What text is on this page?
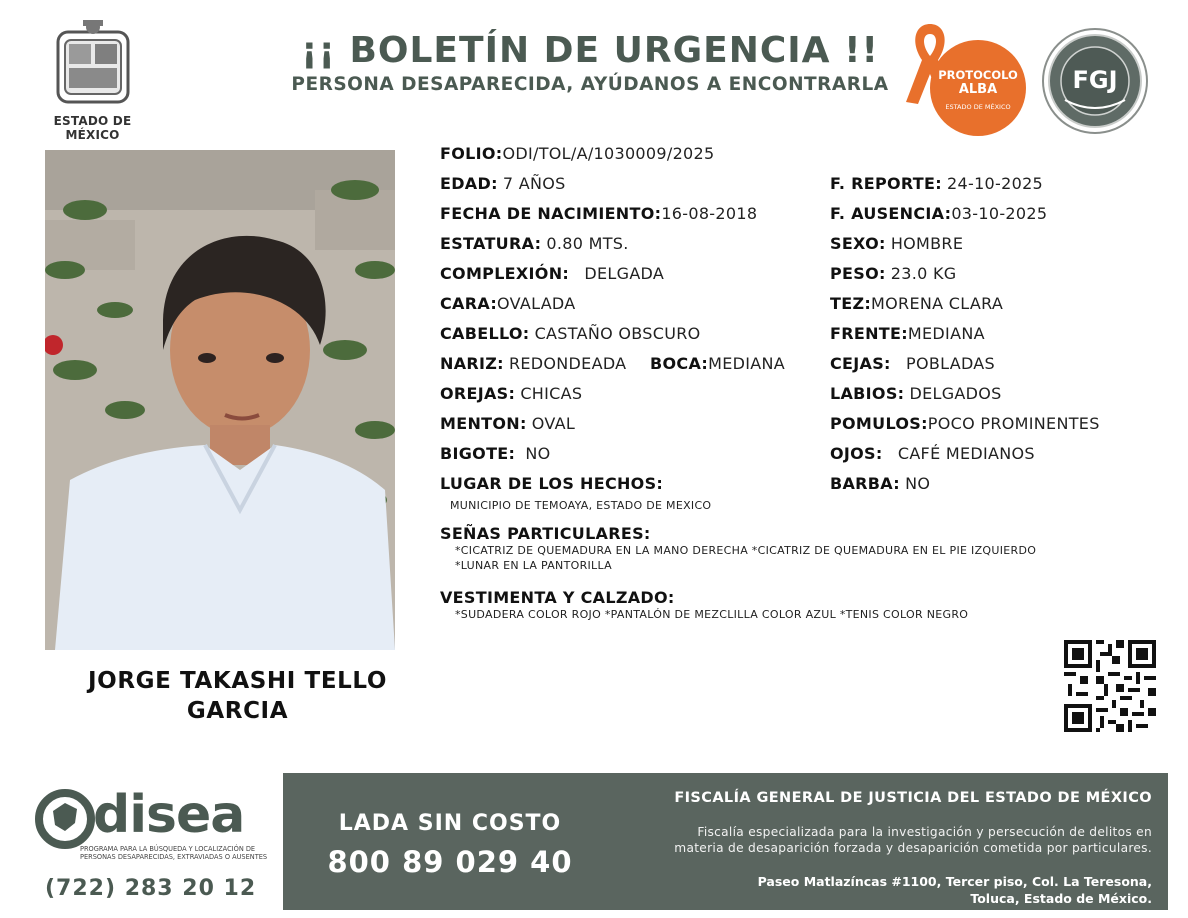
ESTADO DE MÉXICO
¡¡ BOLETÍN DE URGENCIA !!
PERSONA DESAPARECIDA, AYÚDANOS A ENCONTRARLA	PROTOCOLO
ALBA
ESTADO DE MÉXICO
FGJ
JORGE TAKASHI TELLO
GARCIA
FOLIO:ODI/TOL/A/1030009/2025
EDAD: 7 AÑOS
FECHA DE NACIMIENTO:16-08-2018
ESTATURA: 0.80 MTS.
COMPLEXIÓN: DELGADA
CARA:OVALADA
CABELLO: CASTAÑO OBSCURO
NARIZ: REDONDEADA BOCA:MEDIANA
OREJAS: CHICAS
MENTON: OVAL
BIGOTE: NO
LUGAR DE LOS HECHOS:
MUNICIPIO DE TEMOAYA, ESTADO DE MEXICO
F. REPORTE: 24-10-2025
F. AUSENCIA:03-10-2025
SEXO: HOMBRE
PESO: 23.0 KG
TEZ:MORENA CLARA
FRENTE:MEDIANA
CEJAS: POBLADAS
LABIOS: DELGADOS
POMULOS:POCO PROMINENTES
OJOS: CAFÉ MEDIANOS
BARBA: NO
SEÑAS PARTICULARES:
*CICATRIZ DE QUEMADURA EN LA MANO DERECHA *CICATRIZ DE QUEMADURA EN EL PIE IZQUIERDO
*LUNAR EN LA PANTORILLA
VESTIMENTA Y CALZADO:
*SUDADERA COLOR ROJO *PANTALÓN DE MEZCLILLA COLOR AZUL *TENIS COLOR NEGRO
disea
PROGRAMA PARA LA BÚSQUEDA Y LOCALIZACIÓN DE PERSONAS DESAPARECIDAS, EXTRAVIADAS O AUSENTES
(722) 283 20 12
LADA SIN COSTO
800 89 029 40
FISCALÍA GENERAL DE JUSTICIA DEL ESTADO DE MÉXICO
Fiscalía especializada para la investigación y persecución de delitos en
materia de desaparición forzada y desaparición cometida por particulares.
Paseo Matlazíncas #1100, Tercer piso, Col. La Teresona,
Toluca, Estado de México.
